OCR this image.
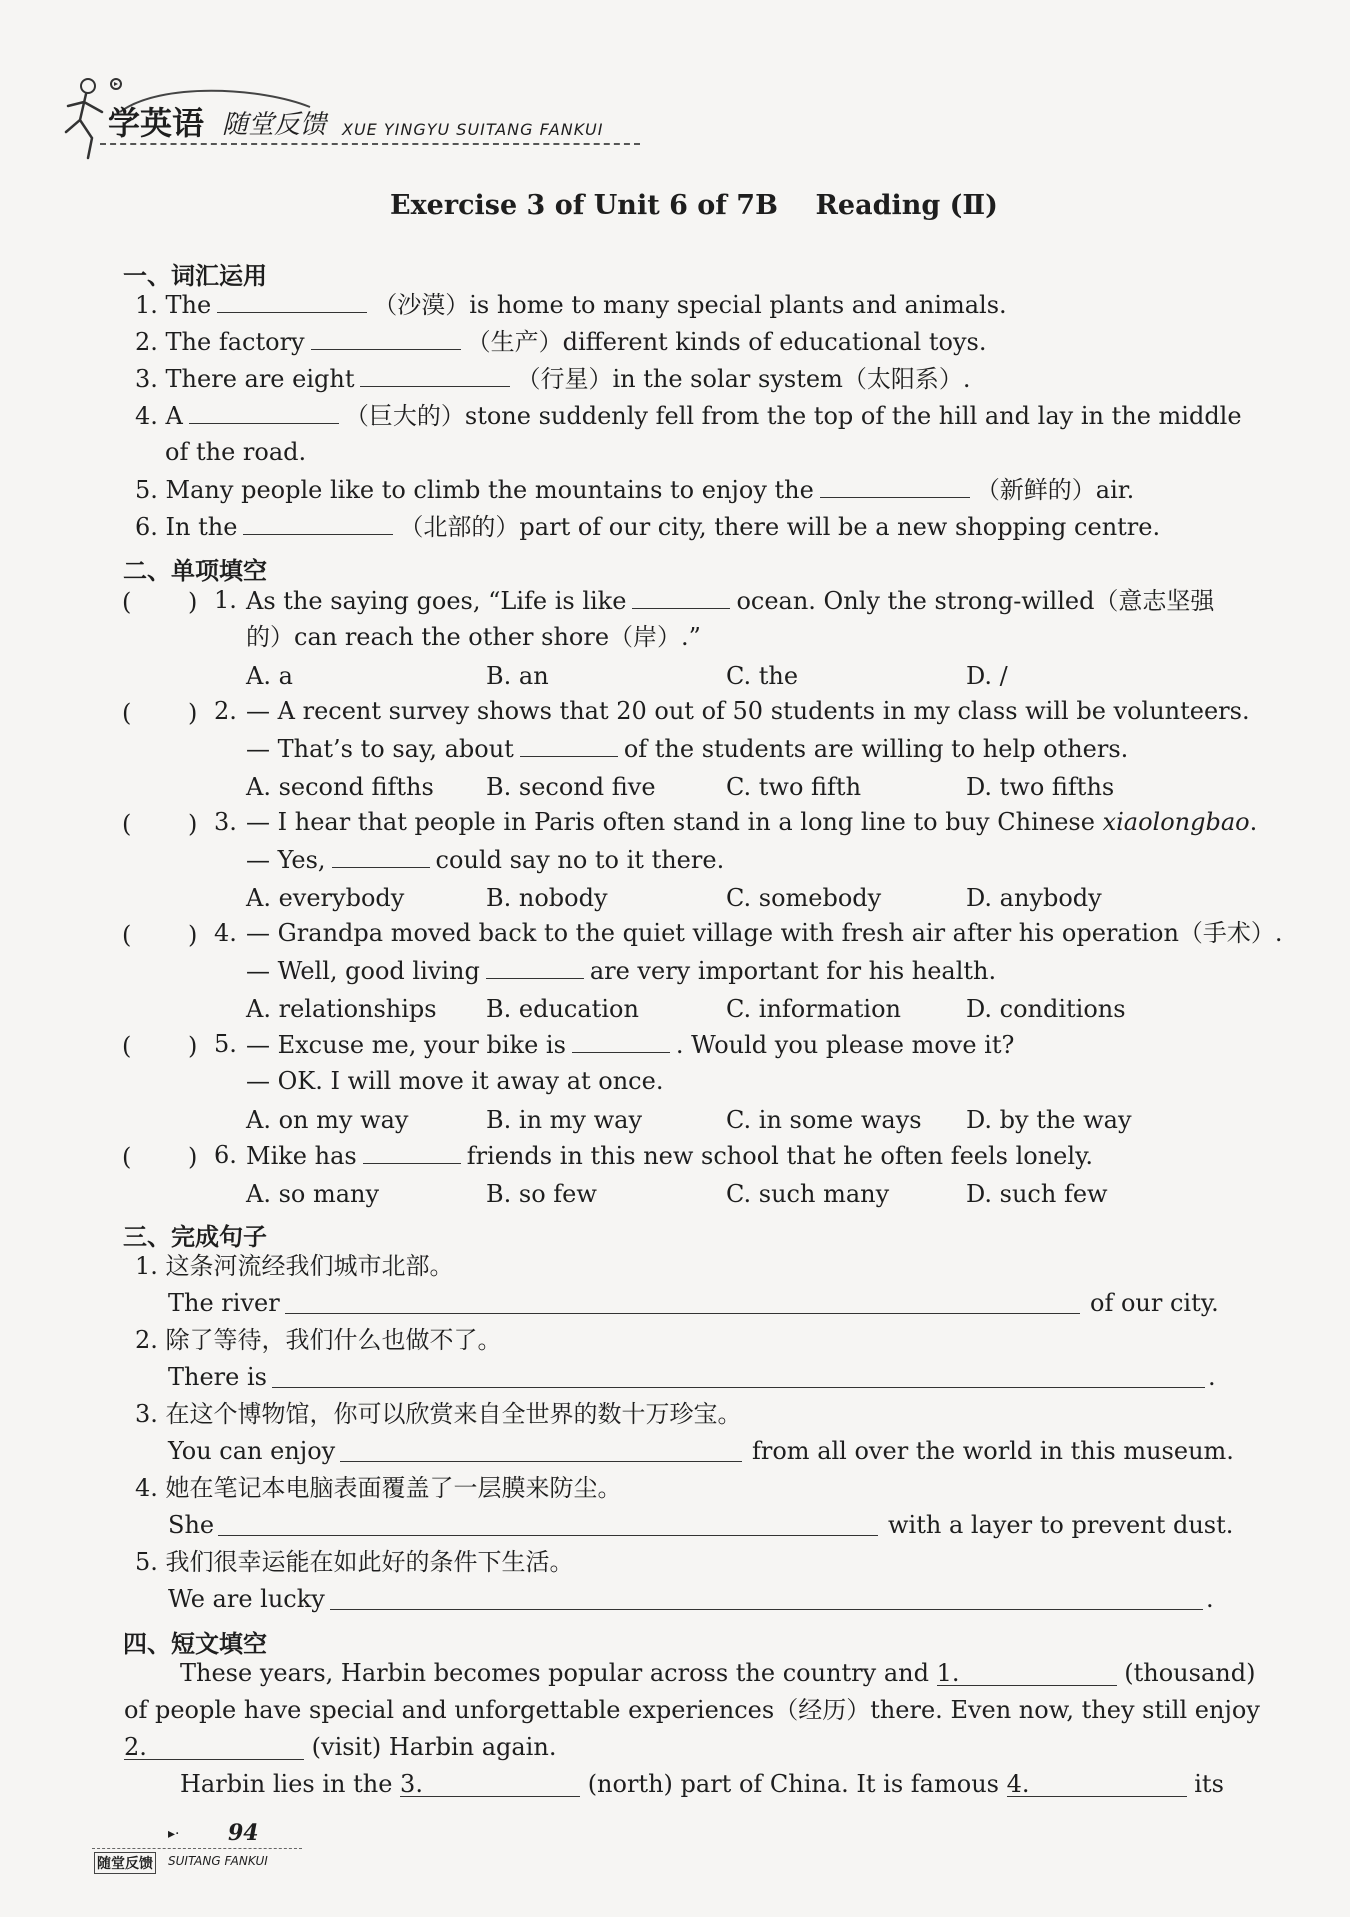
学英语 随堂反馈 XUE YINGYU SUITANG FANKUI
Exercise 3 of Unit 6 of 7B    Reading (Ⅱ)
一、词汇运用
1. The	（沙漠）is home to many special plants and animals.
2. The factory	（生产）different kinds of educational toys.
3. There are eight	（行星）in the solar system（太阳系）.
4. A	（巨大的）stone suddenly fell from the top of the hill and lay in the middle
of the road.
5. Many people like to climb the mountains to enjoy the	（新鲜的）air.
6. In the	（北部的）part of our city, there will be a new shopping centre.
二、单项填空
( ) 1. As the saying goes, “Life is like	ocean. Only the strong-willed（意志坚强
的）can reach the other shore（岸）.”
A. a	B. an	C. the	D. /
( ) 2. — A recent survey shows that 20 out of 50 students in my class will be volunteers.
— That’s to say, about	of the students are willing to help others.
A. second fifths B. second five	C. two fifth	D. two fifths
( ) 3. — I hear that people in Paris often stand in a long line to buy Chinese xiaolongbao.
— Yes,	could say no to it there.
A. everybody	B. nobody	C. somebody	D. anybody
( ) 4. — Grandpa moved back to the quiet village with fresh air after his operation（手术）.
— Well, good living	are very important for his health.
A. relationships B. education	C. information	D. conditions
( ) 5. — Excuse me, your bike is	. Would you please move it?
— OK. I will move it away at once.
A. on my way	B. in my way	C. in some ways D. by the way
( ) 6. Mike has	friends in this new school that he often feels lonely.
A. so many	B. so few	C. such many	D. such few
三、完成句子
1. 这条河流经我们城市北部。
The river	of our city.
2. 除了等待，我们什么也做不了。
There is	.
3. 在这个博物馆，你可以欣赏来自全世界的数十万珍宝。
You can enjoy	from all over the world in this museum.
4. 她在笔记本电脑表面覆盖了一层膜来防尘。
She	with a layer to prevent dust.
5. 我们很幸运能在如此好的条件下生活。
We are lucky	.
四、短文填空
These years, Harbin becomes popular across the country and 1.	(thousand)
of people have special and unforgettable experiences（经历）there. Even now, they still enjoy
2.	(visit) Harbin again.
Harbin lies in the 3.	(north) part of China. It is famous 4.	its
▸· 94
随堂反馈 SUITANG FANKUI
